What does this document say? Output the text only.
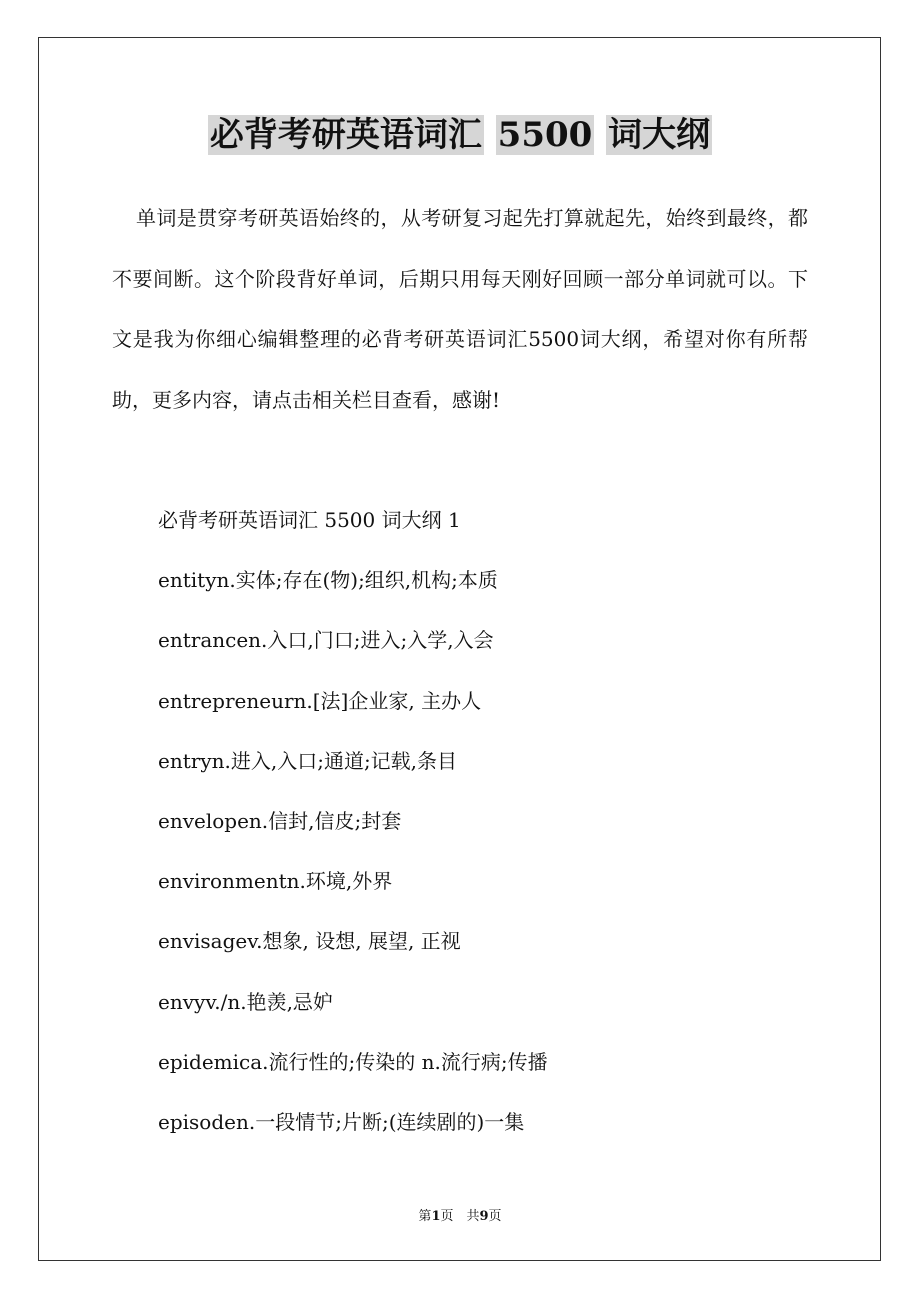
必背考研英语词汇 5500 词大纲

单词是贯穿考研英语始终的，从考研复习起先打算就起先，始终到最终，都不要间断。这个阶段背好单词，后期只用每天刚好回顾一部分单词就可以。下文是我为你细心编辑整理的必背考研英语词汇5500词大纲，希望对你有所帮助，更多内容，请点击相关栏目查看，感谢!

必背考研英语词汇 5500 词大纲 1
entityn.实体;存在(物);组织,机构;本质
entrancen.入口,门口;进入;入学,入会
entrepreneurn.[法]企业家, 主办人
entryn.进入,入口;通道;记载,条目
envelopen.信封,信皮;封套
environmentn.环境,外界
envisagev.想象, 设想, 展望, 正视
envyv./n.艳羡,忌妒
epidemica.流行性的;传染的 n.流行病;传播
episoden.一段情节;片断;(连续剧的)一集
第1页　共9页
